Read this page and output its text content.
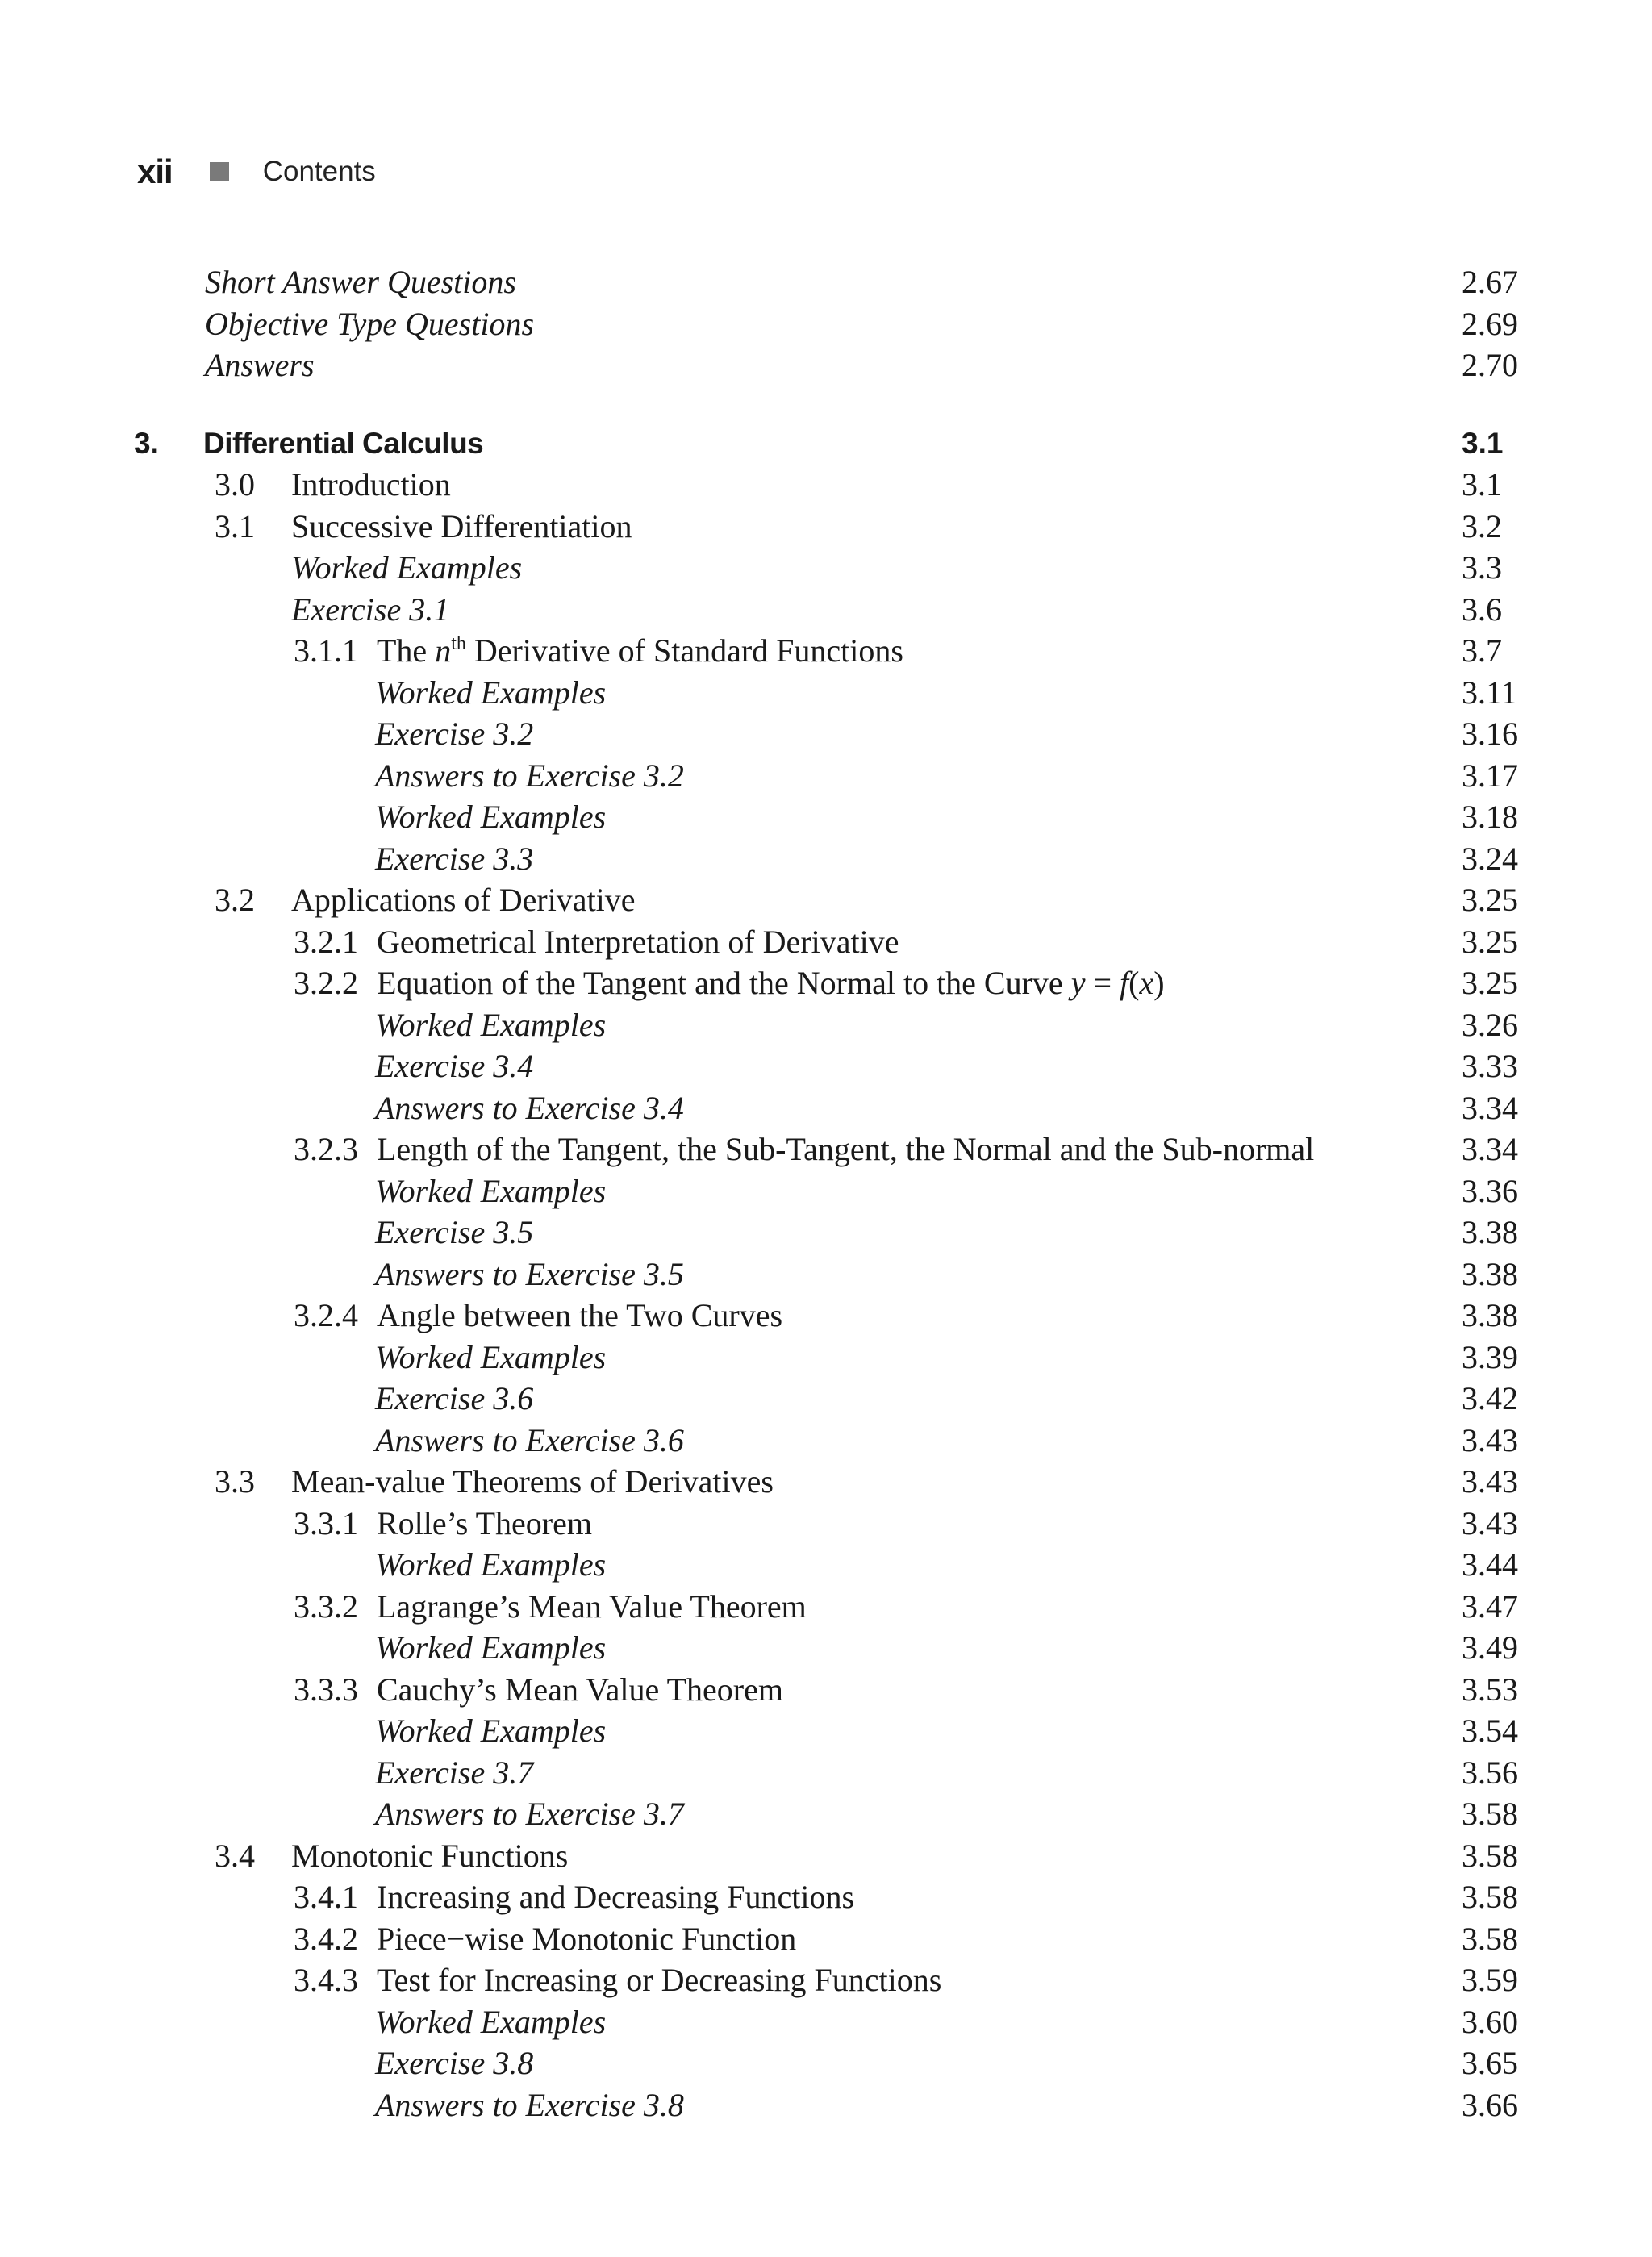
xii	Contents
Short Answer Questions	2.67
Objective Type Questions	2.69
Answers	2.70
3. Differential Calculus	3.1
3.0 Introduction	3.1
3.1 Successive Differentiation	3.2
Worked Examples	3.3
Exercise 3.1	3.6
3.1.1 The $n^{th}$ Derivative of Standard Functions	3.7
Worked Examples	3.11
Exercise 3.2	3.16
Answers to Exercise 3.2	3.17
Worked Examples	3.18
Exercise 3.3	3.24
3.2 Applications of Derivative	3.25
3.2.1 Geometrical Interpretation of Derivative	3.25
3.2.2 Equation of the Tangent and the Normal to the Curve y = f(x)	3.25
Worked Examples	3.26
Exercise 3.4	3.33
Answers to Exercise 3.4	3.34
3.2.3 Length of the Tangent, the Sub-Tangent, the Normal and the Sub-normal	3.34
Worked Examples	3.36
Exercise 3.5	3.38
Answers to Exercise 3.5	3.38
3.2.4 Angle between the Two Curves	3.38
Worked Examples	3.39
Exercise 3.6	3.42
Answers to Exercise 3.6	3.43
3.3 Mean-value Theorems of Derivatives	3.43
3.3.1 Rolle’s Theorem	3.43
Worked Examples	3.44
3.3.2 Lagrange’s Mean Value Theorem	3.47
Worked Examples	3.49
3.3.3 Cauchy’s Mean Value Theorem	3.53
Worked Examples	3.54
Exercise 3.7	3.56
Answers to Exercise 3.7	3.58
3.4 Monotonic Functions	3.58
3.4.1 Increasing and Decreasing Functions	3.58
3.4.2 Piece−wise Monotonic Function	3.58
3.4.3 Test for Increasing or Decreasing Functions	3.59
Worked Examples	3.60
Exercise 3.8	3.65
Answers to Exercise 3.8	3.66
